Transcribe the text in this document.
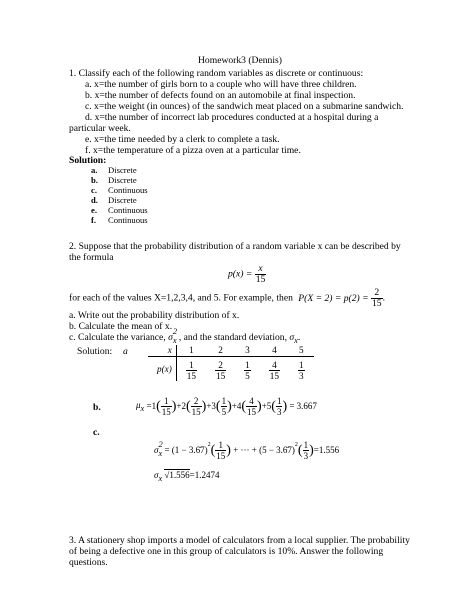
Homework3 (Dennis)
1. Classify each of the following random variables as discrete or continuous:
a. x=the number of girls born to a couple who will have three children.
b. x=the number of defects found on an automobile at final inspection.
c. x=the weight (in ounces) of the sandwich meat placed on a submarine sandwich.
d. x=the number of incorrect lab procedures conducted at a hospital during a
particular week.
e. x=the time needed by a clerk to complete a task.
f. x=the temperature of a pizza oven at a particular time.
Solution:
a. Discrete
b. Discrete
c. Continuous
d. Discrete
e. Continuous
f. Continuous
2. Suppose that the probability distribution of a random variable x can be described by
the formula
$p(x) = \frac{x}{15}$
for each of the values X=1,2,3,4, and 5. For example, then $P(X = 2) = p(2) = \frac{2}{15}$ .
a. Write out the probability distribution of x.
b. Calculate the mean of x.
c. Calculate the variance, σ
2
x , and the standard deviation, $\sigma_x$.
Solution: a	x	1	2	3	4	5
p(x)	$\frac{1}{15}$	$\frac{2}{15}$	$\frac{1}{5}$	$\frac{4}{15}$	$\frac{1}{3}$
b.	$\mu_x =1( \frac{1}{15} )+2( \frac{2}{15} )+3( \frac{1}{5} )+4( \frac{4}{15} )+5( \frac{1}{3}$ ) = 3.667
c.
σ
2
x = (1 − 3.6̄7)$^2$( $\frac{1}{15}$ ) + ··· + (5 − 3.6̄7)$^2$( $\frac{1}{3} )=1.556$
$\sigma_x$ √1.556=1.2474
3. A stationery shop imports a model of calculators from a local supplier. The probability
of being a defective one in this group of calculators is 10%. Answer the following
questions.
